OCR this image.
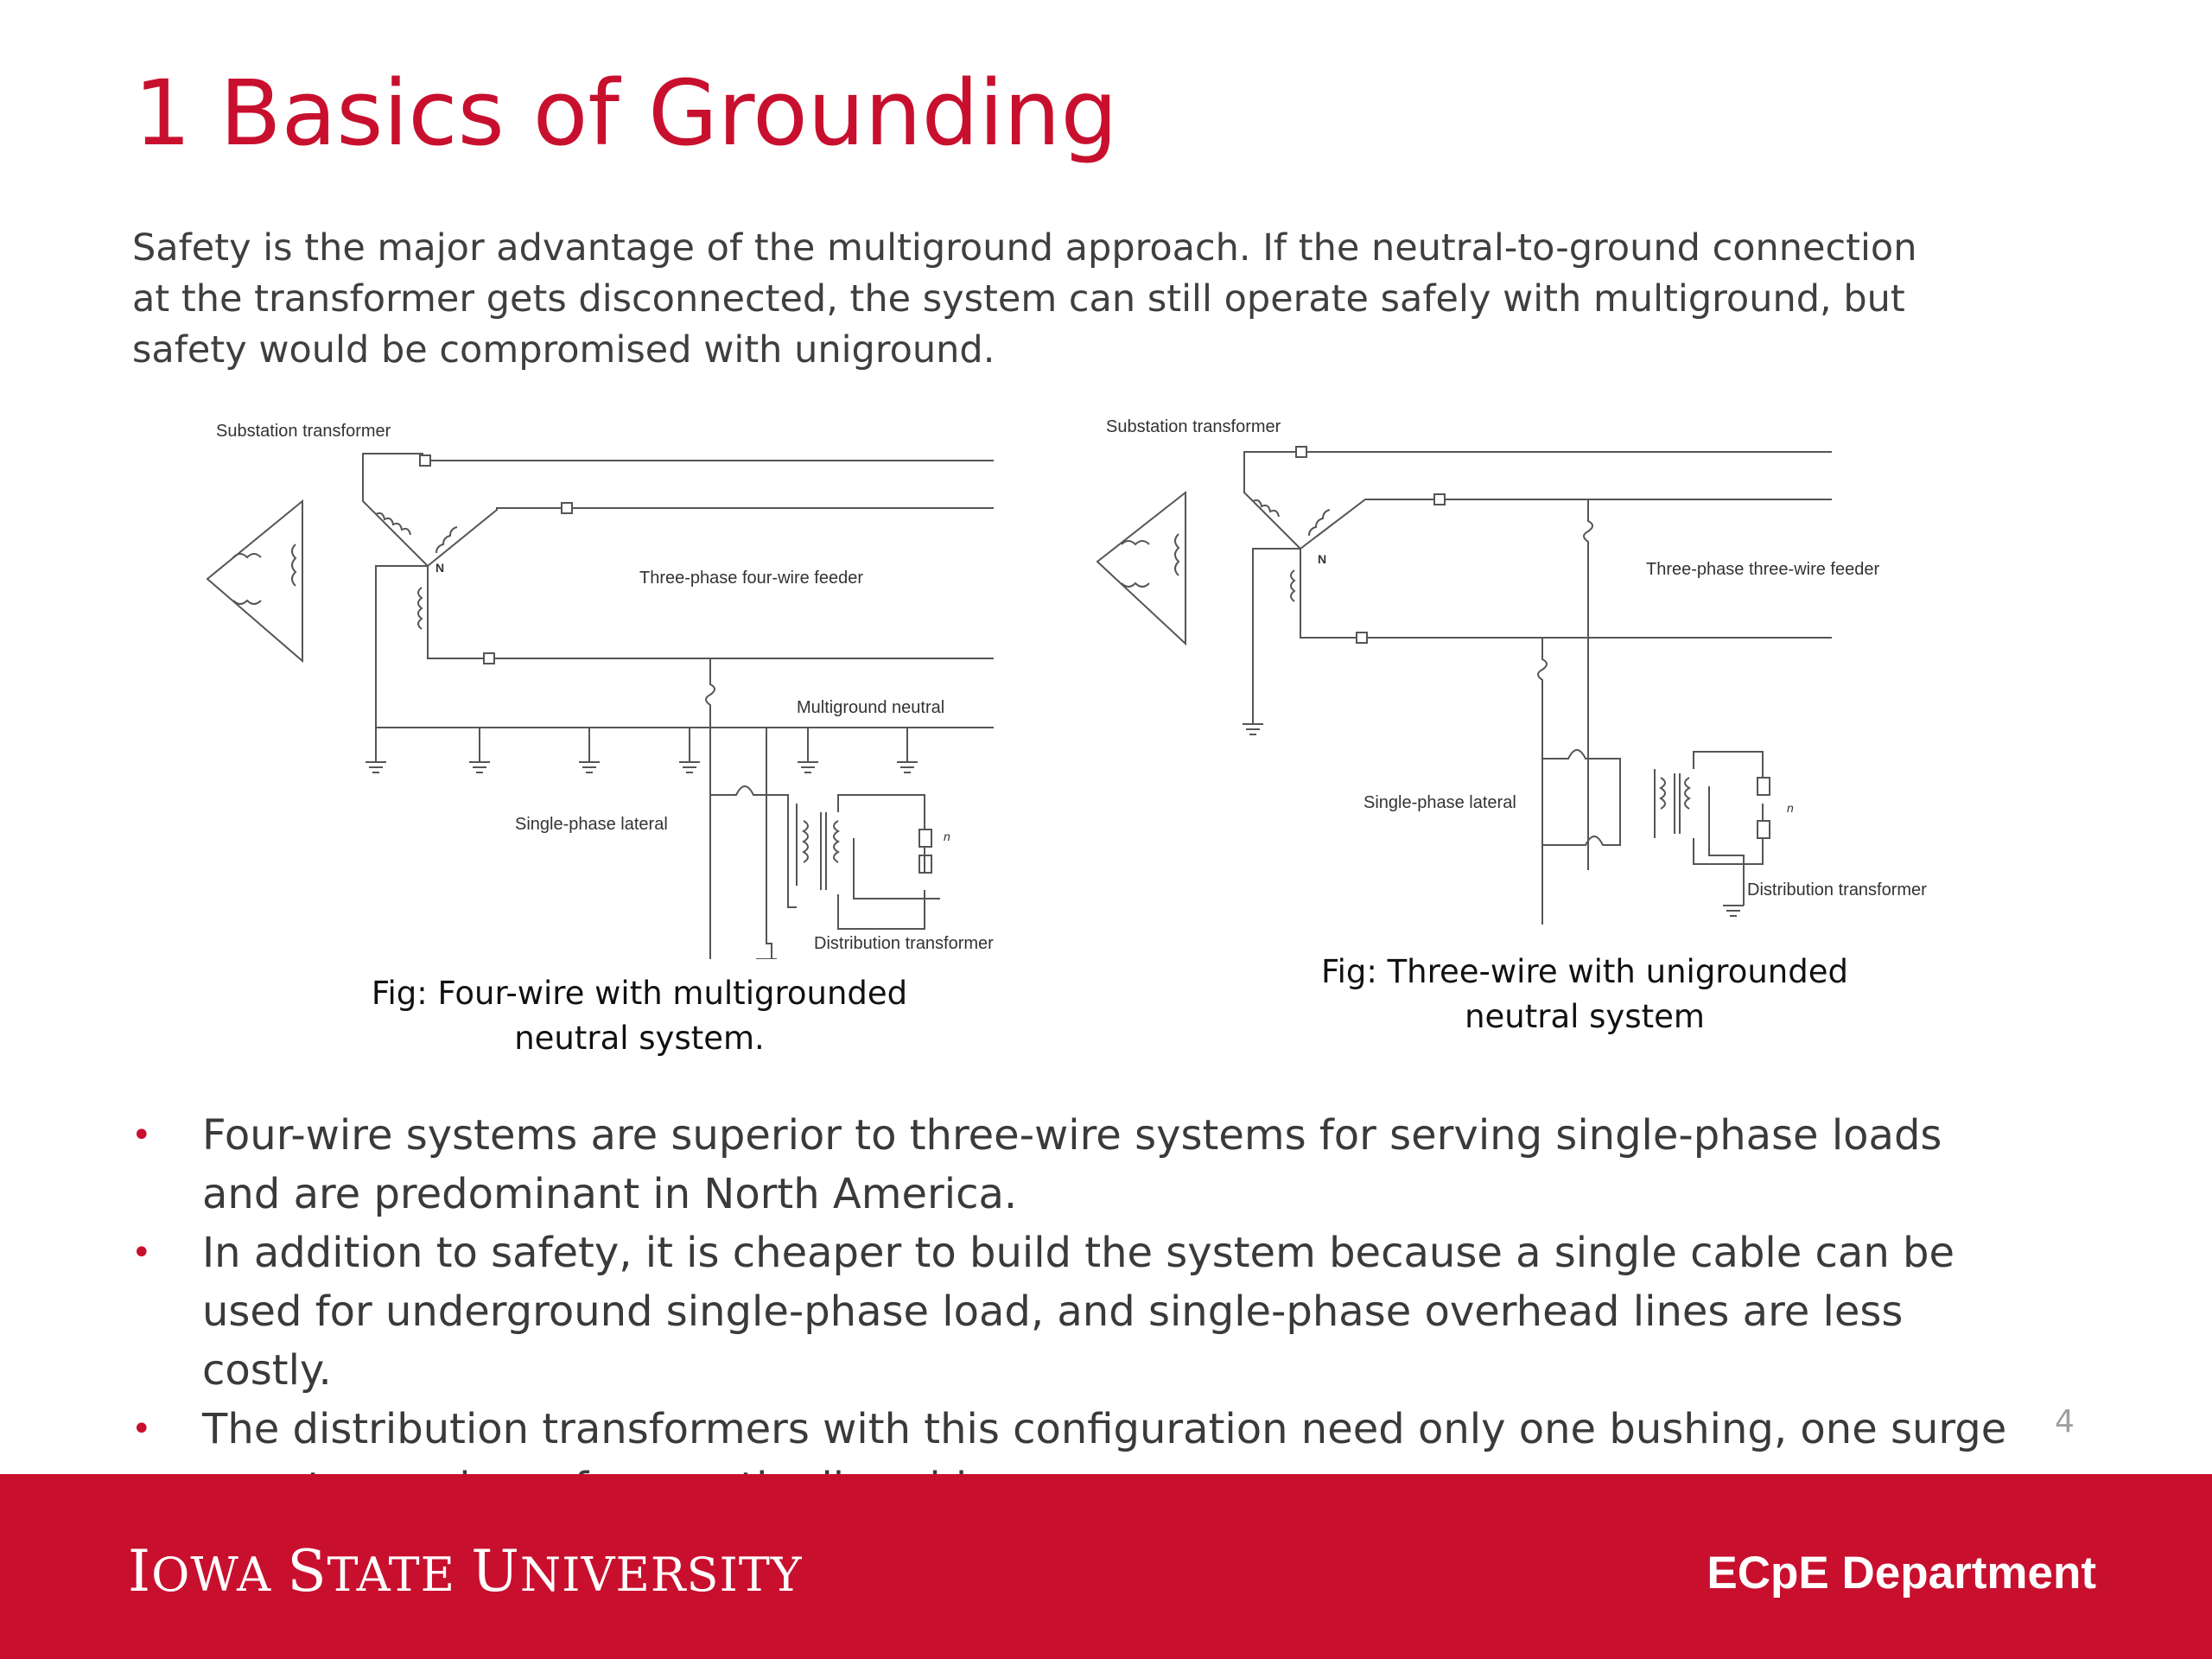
1 Basics of Grounding

Safety is the major advantage of the multiground approach. If the neutral-to-ground connection at the transformer gets disconnected, the system can still operate safely with multiground, but safety would be compromised with uniground.

Substation transformer
Three-phase four-wire feeder
Multiground neutral
Single-phase lateral
Distribution transformer
N
n
Fig: Four-wire with multigrounded
neutral system.
Substation transformer
Three-phase three-wire feeder
Single-phase lateral
Distribution transformer
N
n
Fig: Three-wire with unigrounded
neutral system
• Four-wire systems are superior to three-wire systems for serving single-phase loads and are predominant in North America.
• In addition to safety, it is cheaper to build the system because a single cable can be used for underground single-phase load, and single-phase overhead lines are less costly.
• The distribution transformers with this configuration need only one bushing, one surge 4
IOWA STATE UNIVERSITY	ECpE Department
